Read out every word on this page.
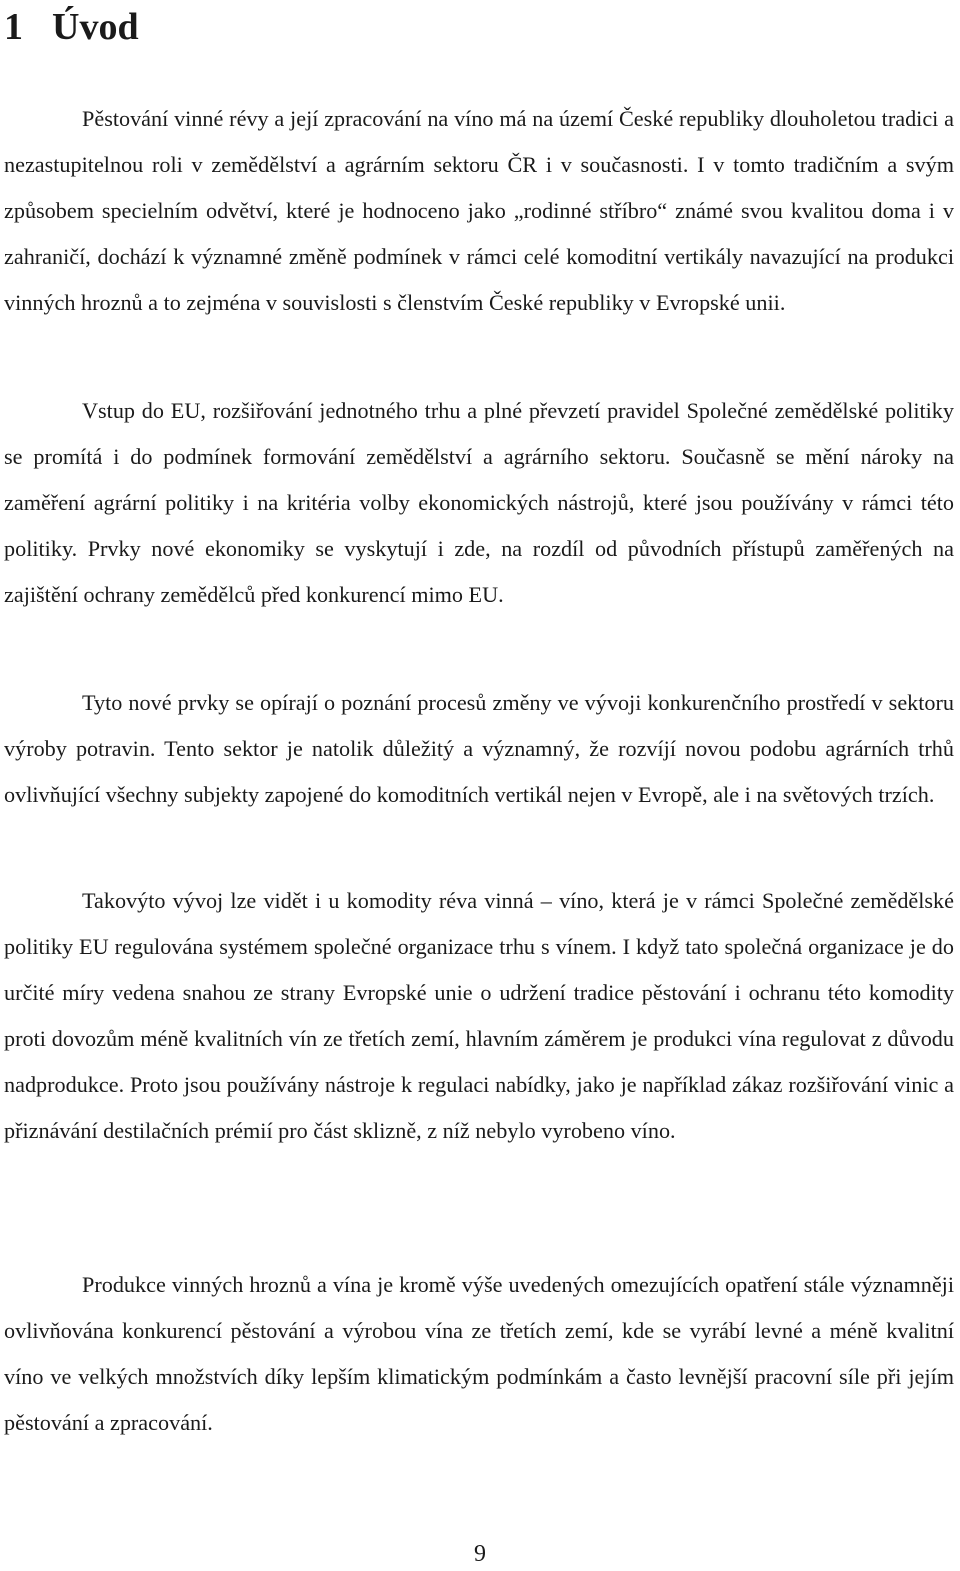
1 Úvod

Pěstování vinné révy a její zpracování na víno má na území České republiky dlouholetou tradici a nezastupitelnou roli v zemědělství a agrárním sektoru ČR i v současnosti. I v tomto tradičním a svým způsobem specielním odvětví, které je hodnoceno jako „rodinné stříbro“ známé svou kvalitou doma i v zahraničí, dochází k významné změně podmínek v rámci celé komoditní vertikály navazující na produkci vinných hroznů a to zejména v souvislosti s členstvím České republiky v Evropské unii.

Vstup do EU, rozšiřování jednotného trhu a plné převzetí pravidel Společné zemědělské politiky se promítá i do podmínek formování zemědělství a agrárního sektoru. Současně se mění nároky na zaměření agrární politiky i na kritéria volby ekonomických nástrojů, které jsou používány v rámci této politiky. Prvky nové ekonomiky se vyskytují i zde, na rozdíl od původních přístupů zaměřených na zajištění ochrany zemědělců před konkurencí mimo EU.

Tyto nové prvky se opírají o poznání procesů změny ve vývoji konkurenčního prostředí v sektoru výroby potravin. Tento sektor je natolik důležitý a významný, že rozvíjí novou podobu agrárních trhů ovlivňující všechny subjekty zapojené do komoditních vertikál nejen v Evropě, ale i na světových trzích.

Takovýto vývoj lze vidět i u komodity réva vinná – víno, která je v rámci Společné zemědělské politiky EU regulována systémem společné organizace trhu s vínem. I když tato společná organizace je do určité míry vedena snahou ze strany Evropské unie o udržení tradice pěstování i ochranu této komodity proti dovozům méně kvalitních vín ze třetích zemí, hlavním záměrem je produkci vína regulovat z důvodu nadprodukce. Proto jsou používány nástroje k regulaci nabídky, jako je například zákaz rozšiřování vinic a přiznávání destilačních prémií pro část sklizně, z níž nebylo vyrobeno víno.

Produkce vinných hroznů a vína je kromě výše uvedených omezujících opatření stále významněji ovlivňována konkurencí pěstování a výrobou vína ze třetích zemí, kde se vyrábí levné a méně kvalitní víno ve velkých množstvích díky lepším klimatickým podmínkám a často levnější pracovní síle při jejím pěstování a zpracování.

9
